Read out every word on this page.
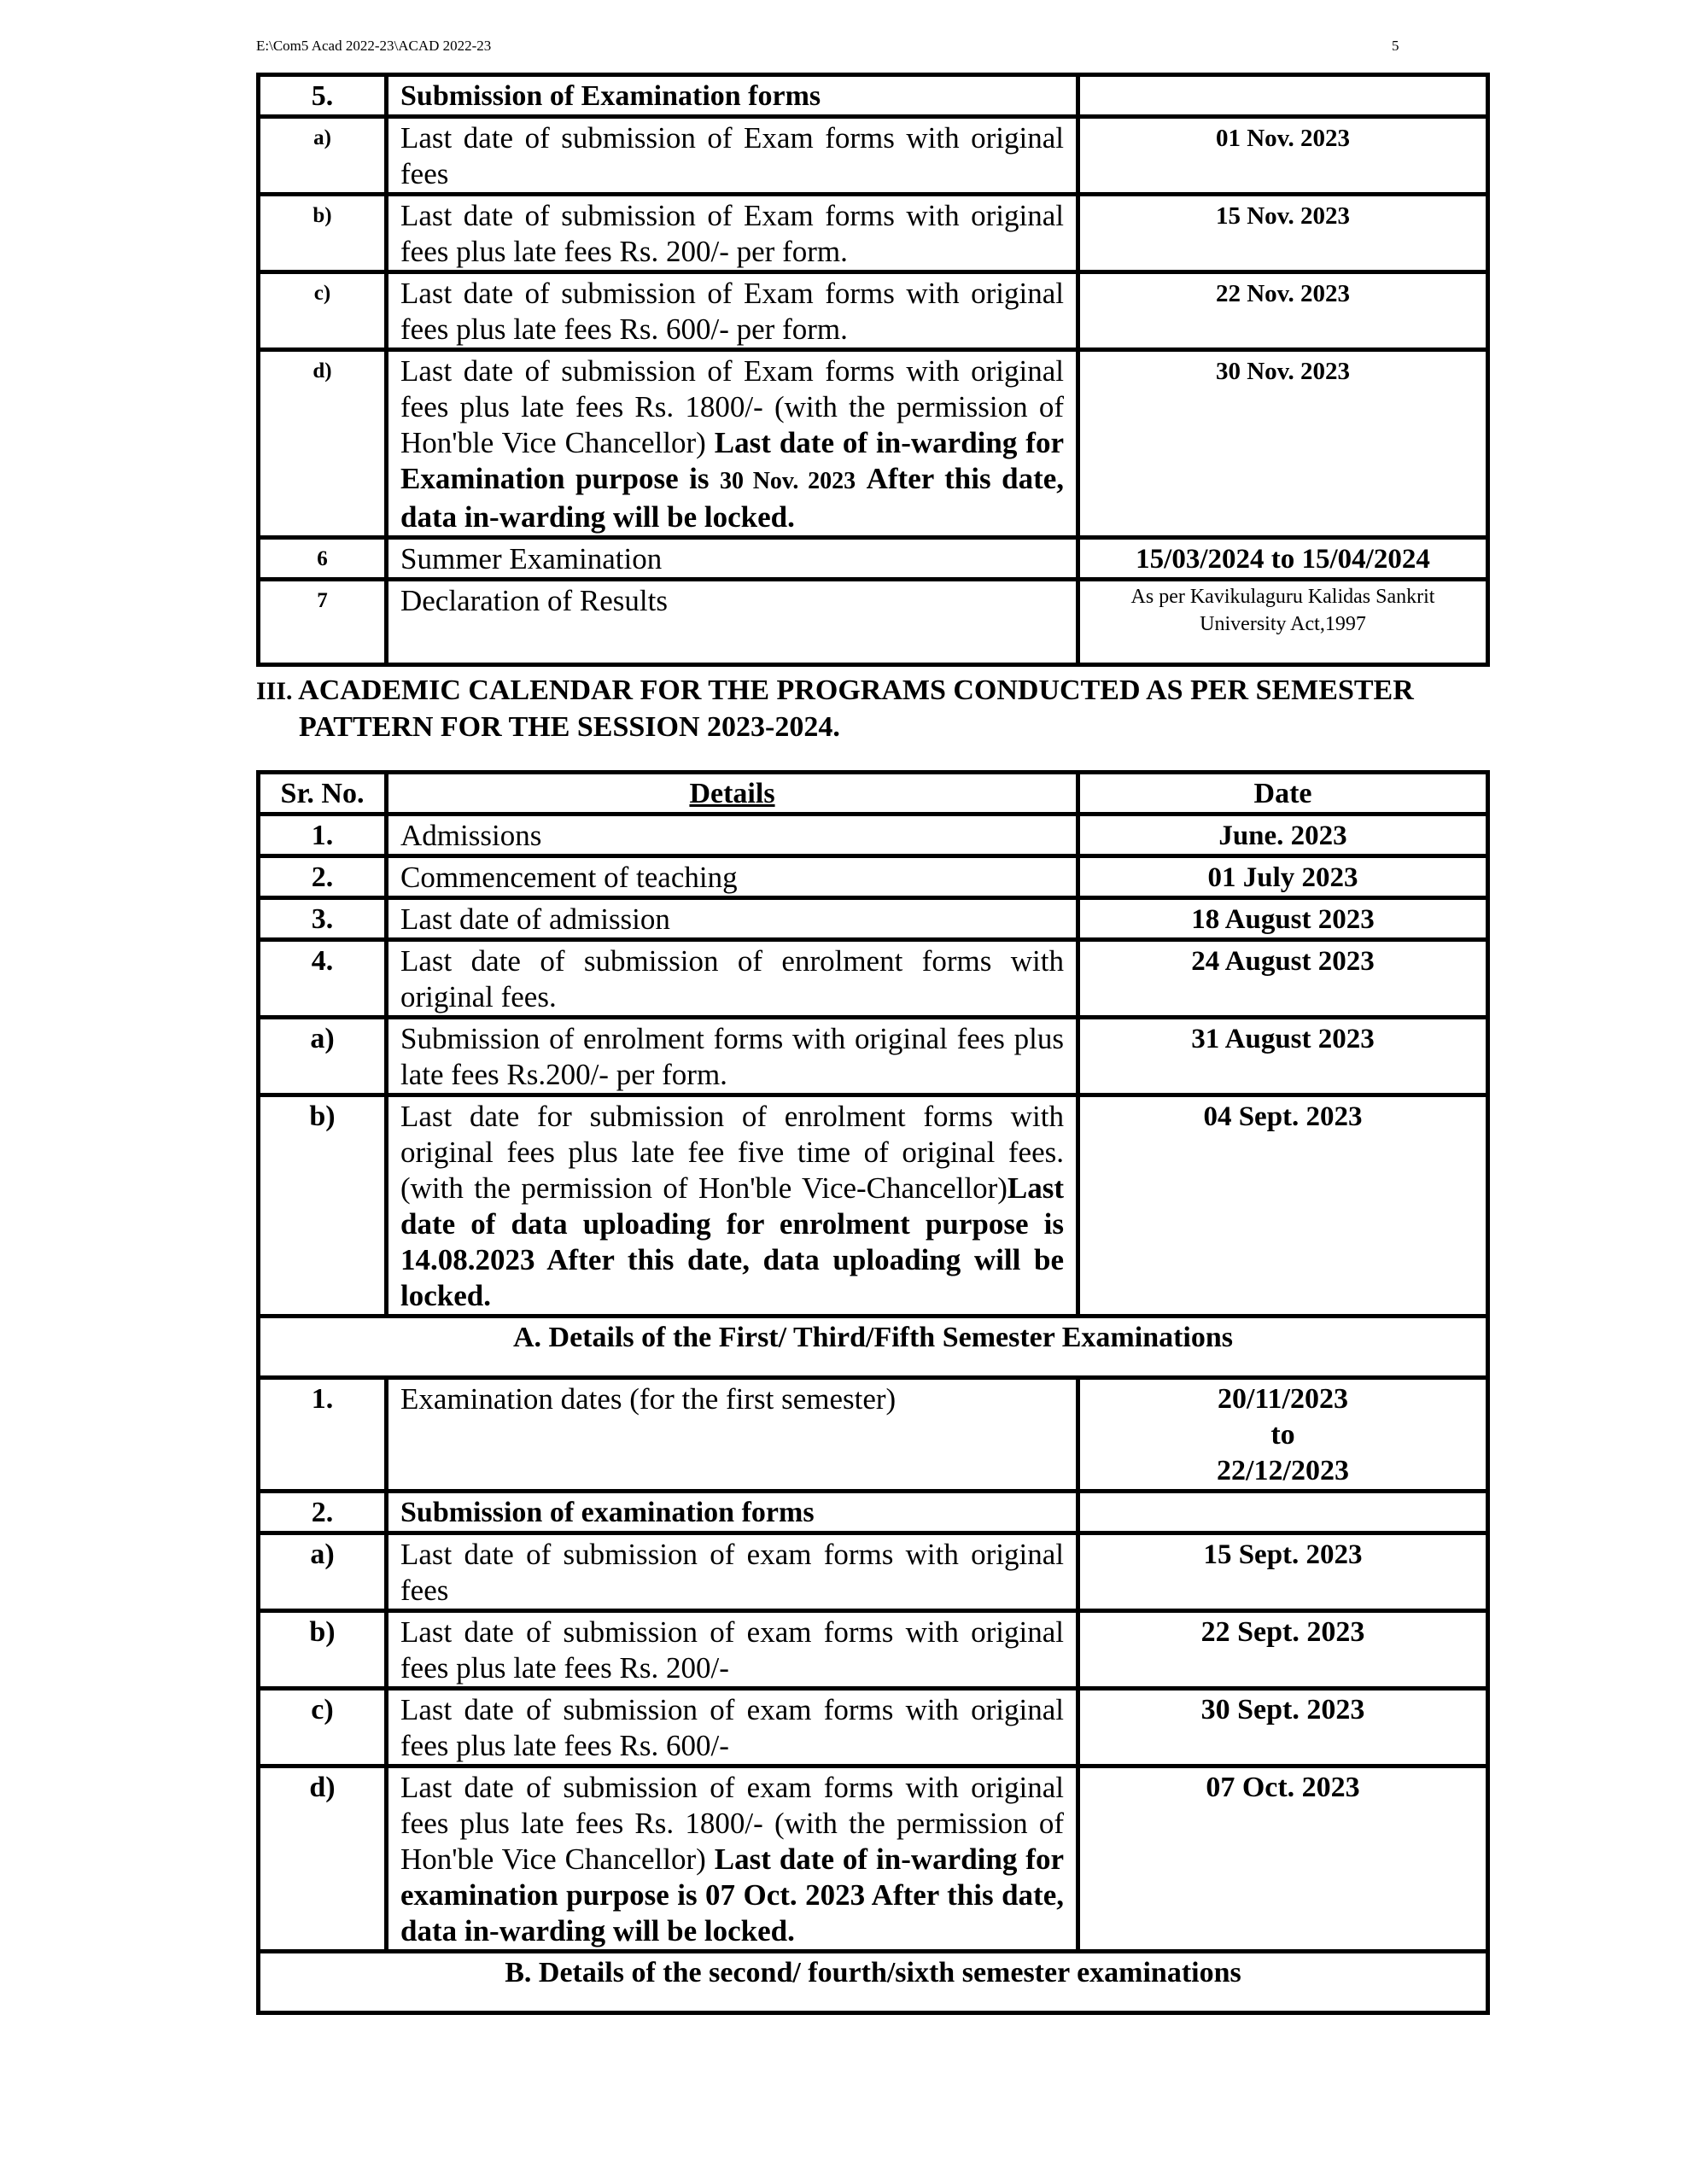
E:\Com5 Acad 2022-23\ACAD 2022-23	5
5.	Submission of Examination forms	
a)	Last date of submission of Exam forms with original fees	01 Nov. 2023
b)	Last date of submission of Exam forms with original fees plus late fees Rs. 200/- per form.	15 Nov. 2023
c)	Last date of submission of Exam forms with original fees plus late fees Rs. 600/- per form.	22 Nov. 2023
d)	Last date of submission of Exam forms with original fees plus late fees Rs. 1800/- (with the permission of Hon'ble Vice Chancellor) Last date of in-warding for Examination purpose is 30 Nov. 2023 After this date, data in-warding will be locked.	30 Nov. 2023
6	Summer Examination	15/03/2024 to 15/04/2024
7	Declaration of Results	As per Kavikulaguru Kalidas Sankrit
University Act,1997
III. ACADEMIC CALENDAR FOR THE PROGRAMS CONDUCTED AS PER SEMESTER
PATTERN FOR THE SESSION 2023-2024.
Sr. No.	Details	Date
1.	Admissions	June. 2023
2.	Commencement of teaching	01 July 2023
3.	Last date of admission	18 August 2023
4.	Last date of submission of enrolment forms with original fees.	24 August 2023
a)	Submission of enrolment forms with original fees plus late fees Rs.200/- per form.	31 August 2023
b)	Last date for submission of enrolment forms with original fees plus late fee five time of original fees. (with the permission of Hon'ble Vice-Chancellor)Last date of data uploading for enrolment purpose is 14.08.2023 After this date, data uploading will be locked.	04 Sept. 2023
A. Details of the First/ Third/Fifth Semester Examinations		
1.	Examination dates (for the first semester)	20/11/2023
to
22/12/2023

2.	Submission of examination forms	
a)	Last date of submission of exam forms with original fees	15 Sept. 2023
b)	Last date of submission of exam forms with original fees plus late fees Rs. 200/-	22 Sept. 2023
c)	Last date of submission of exam forms with original fees plus late fees Rs. 600/-	30 Sept. 2023
d)	Last date of submission of exam forms with original fees plus late fees Rs. 1800/- (with the permission of Hon'ble Vice Chancellor) Last date of in-warding for examination purpose is 07 Oct. 2023 After this date, data in-warding will be locked.	07 Oct. 2023
B. Details of the second/ fourth/sixth semester examinations		
